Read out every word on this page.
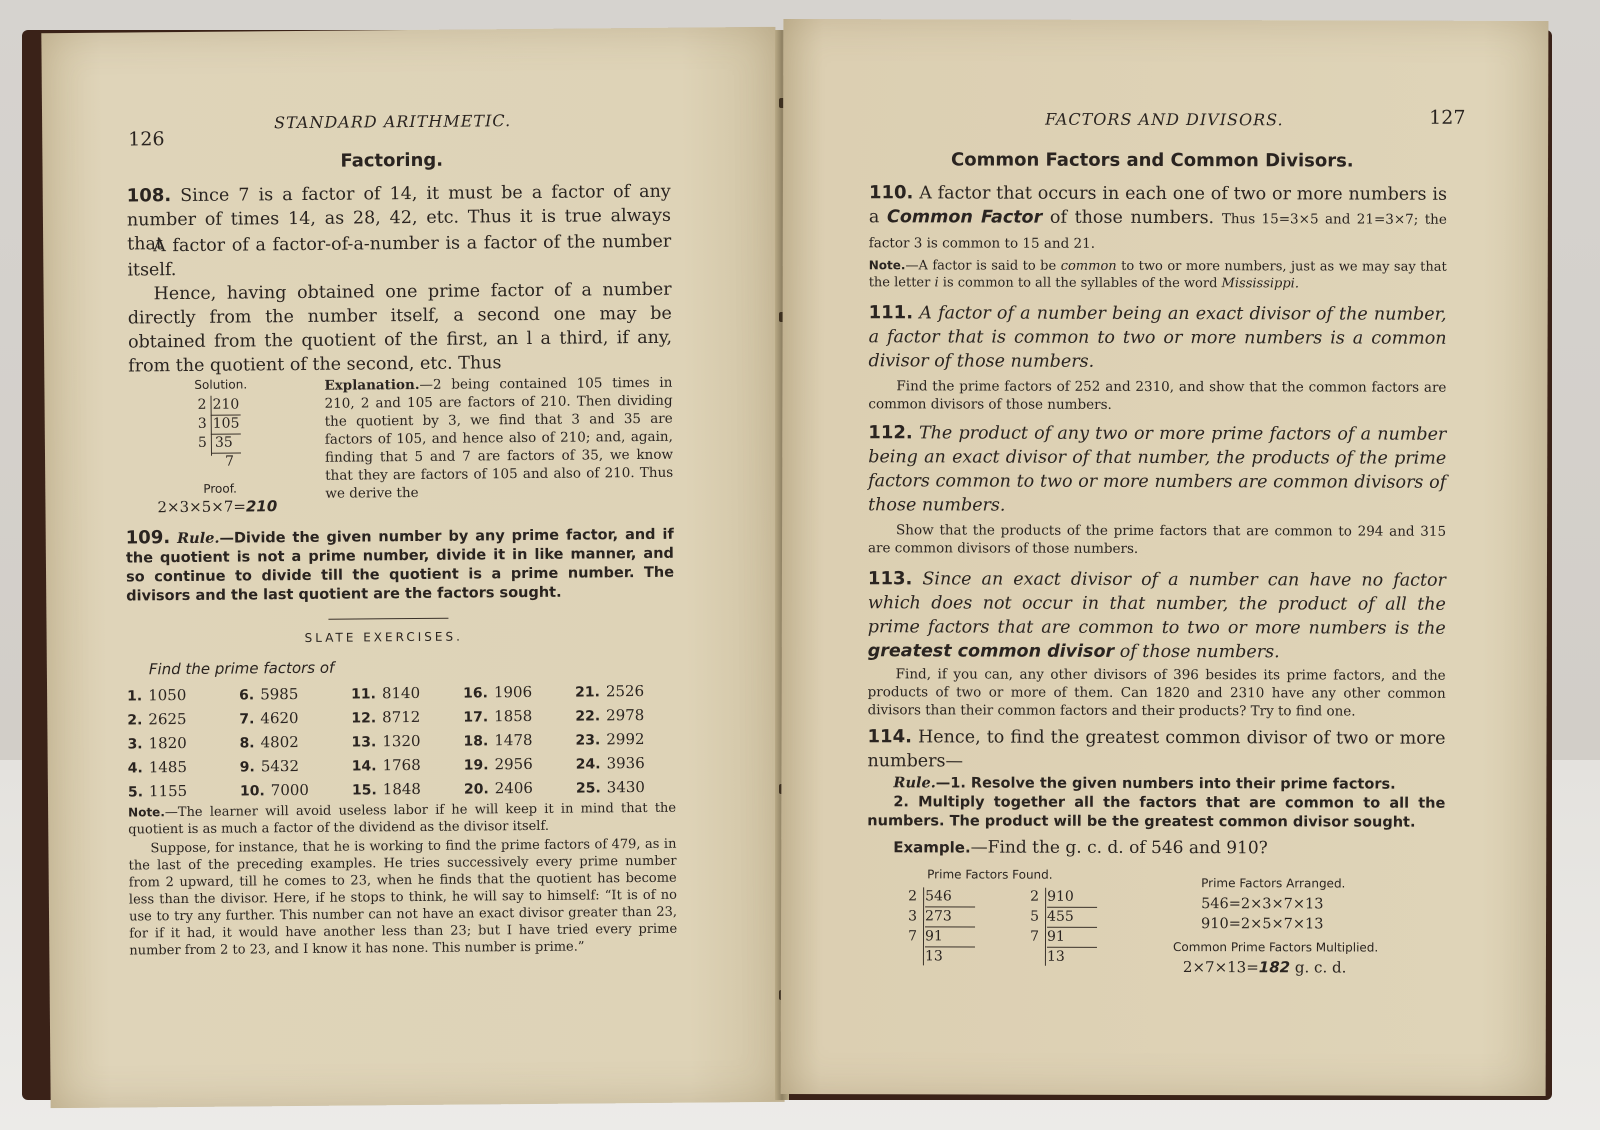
126
STANDARD ARITHMETIC.
Factoring.
108. Since 7 is a factor of 14, it must be a factor of any number of times 14, as 28, 42, etc. Thus it is true always that
A factor of a factor-of-a-number is a factor of the number itself.
Hence, having obtained one prime factor of a number directly from the number itself, a second one may be obtained from the quotient of the first, an l a third, if any, from the quotient of the second, etc. Thus
Solution.
2 210
3 105
5 35
7
Proof.
2×3×5×7=210
Explanation.—2 being contained 105 times in 210, 2 and 105 are factors of 210. Then dividing the quotient by 3, we find that 3 and 35 are factors of 105, and hence also of 210; and, again, finding that 5 and 7 are factors of 35, we know that they are factors of 105 and also of 210. Thus we derive the
109. Rule.—Divide the given number by any prime factor, and if the quotient is not a prime number, divide it in like manner, and so continue to divide till the quotient is a prime number. The divisors and the last quotient are the factors sought.
SLATE EXERCISES.
Find the prime factors of
1. 1050	6. 5985	11. 8140	16. 1906	21. 2526
2. 2625	7. 4620	12. 8712	17. 1858	22. 2978
3. 1820	8. 4802	13. 1320	18. 1478	23. 2992
4. 1485	9. 5432	14. 1768	19. 2956	24. 3936
5. 1155	10. 7000	15. 1848	20. 2406	25. 3430
Note.—The learner will avoid useless labor if he will keep it in mind that the quotient is as much a factor of the dividend as the divisor itself.
Suppose, for instance, that he is working to find the prime factors of 479, as in the last of the preceding examples. He tries successively every prime number from 2 upward, till he comes to 23, when he finds that the quotient has become less than the divisor. Here, if he stops to think, he will say to himself: “It is of no use to try any further. This number can not have an exact divisor greater than 23, for if it had, it would have another less than 23; but I have tried every prime number from 2 to 23, and I know it has none. This number is prime.”
FACTORS AND DIVISORS.	127
Common Factors and Common Divisors.
110. A factor that occurs in each one of two or more numbers is a Common Factor of those numbers. Thus 15=3×5 and 21=3×7; the factor 3 is common to 15 and 21.
Note.—A factor is said to be common to two or more numbers, just as we may say that the letter i is common to all the syllables of the word Mississippi.
111. A factor of a number being an exact divisor of the number, a factor that is common to two or more numbers is a common divisor of those numbers.
Find the prime factors of 252 and 2310, and show that the common factors are common divisors of those numbers.
112. The product of any two or more prime factors of a number being an exact divisor of that number, the products of the prime factors common to two or more numbers are common divisors of those numbers.
Show that the products of the prime factors that are common to 294 and 315 are common divisors of those numbers.
113. Since an exact divisor of a number can have no factor which does not occur in that number, the product of all the prime factors that are common to two or more numbers is the greatest common divisor of those numbers.
Find, if you can, any other divisors of 396 besides its prime factors, and the products of two or more of them. Can 1820 and 2310 have any other common divisors than their common factors and their products? Try to find one.
114. Hence, to find the greatest common divisor of two or more numbers—
Rule.—1. Resolve the given numbers into their prime factors.
2. Multiply together all the factors that are common to all the numbers. The product will be the greatest common divisor sought.
Example.—Find the g. c. d. of 546 and 910?
Prime Factors Found.
2 546
3 273
7 91
13
2 910
5 455
7 91
13
Prime Factors Arranged.
546=2×3×7×13
910=2×5×7×13
Common Prime Factors Multiplied.
2×7×13=182 g. c. d.
